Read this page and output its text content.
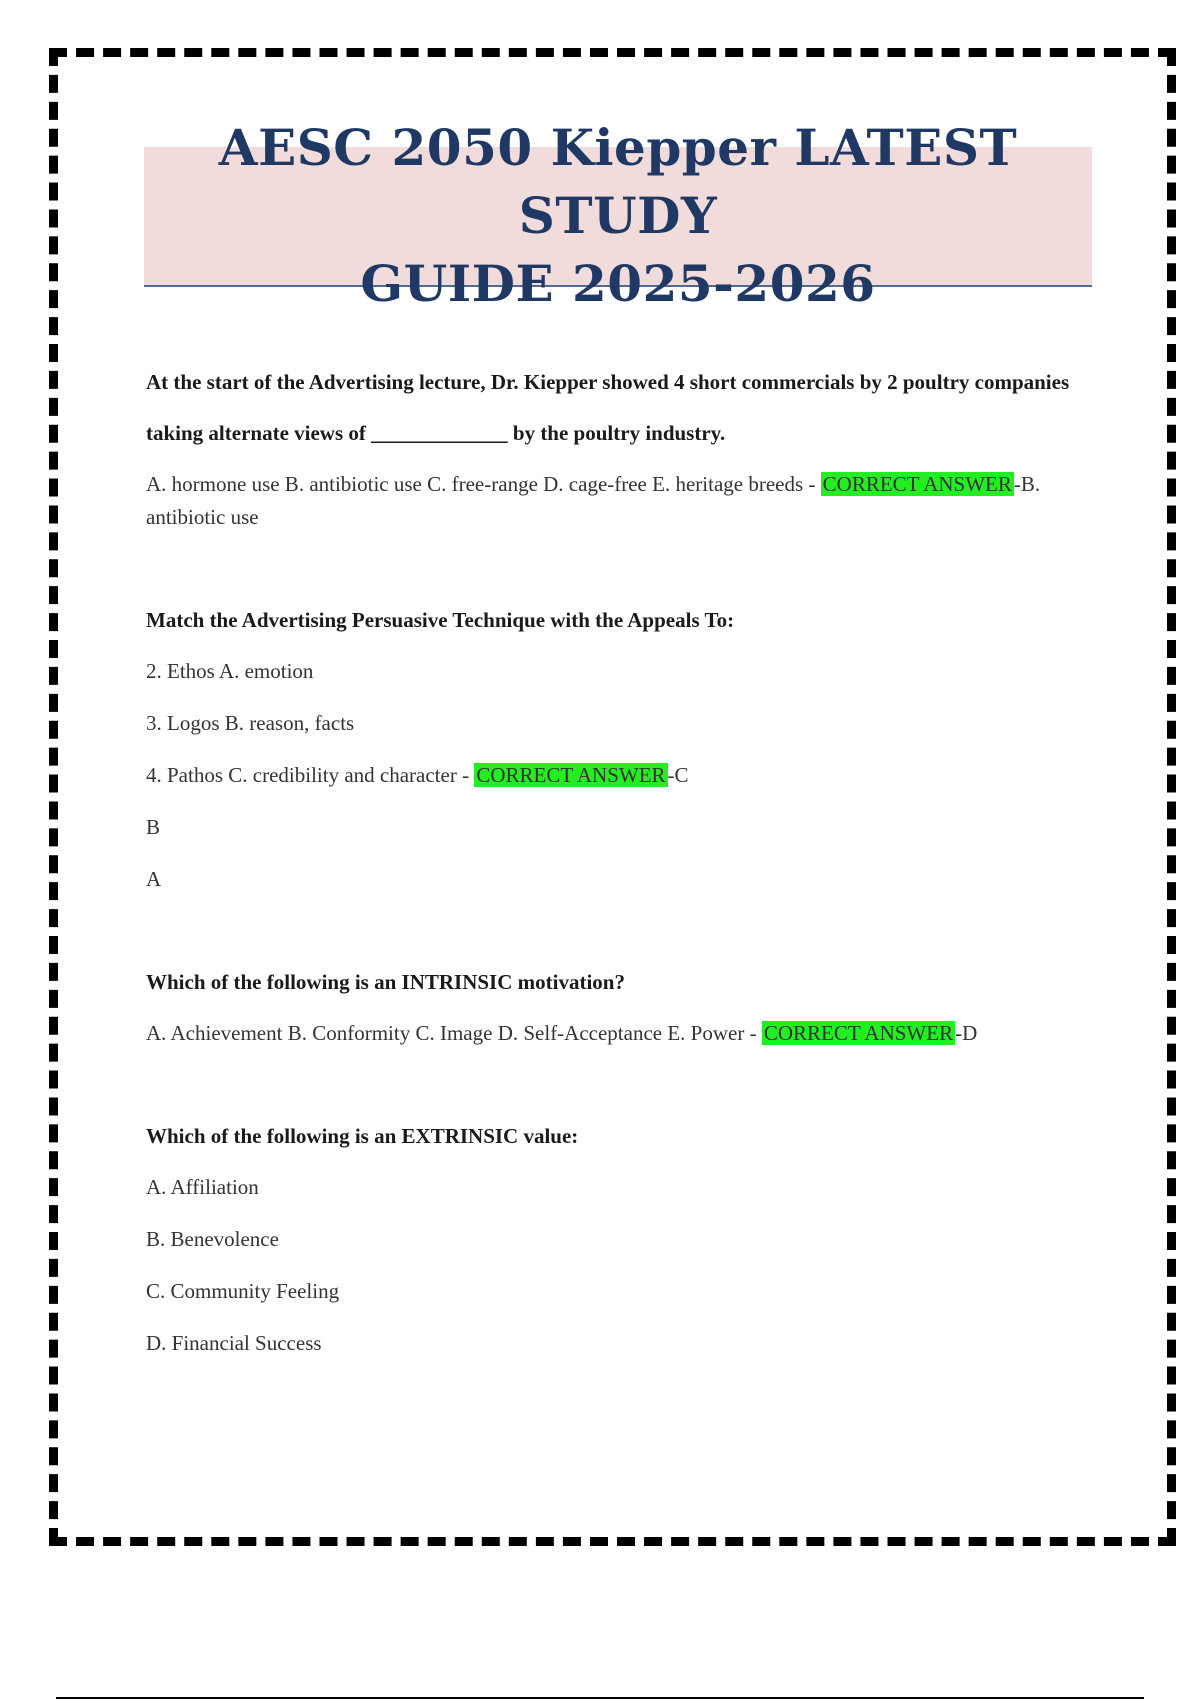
AESC 2050 Kiepper LATEST STUDY
GUIDE 2025-2026

At the start of the Advertising lecture, Dr. Kiepper showed 4 short commercials by 2 poultry companies

taking alternate views of _____________ by the poultry industry.

A. hormone use B. antibiotic use C. free-range D. cage-free E. heritage breeds - CORRECT ANSWER-B. antibiotic use

Match the Advertising Persuasive Technique with the Appeals To:

2. Ethos A. emotion

3. Logos B. reason, facts

4. Pathos C. credibility and character - CORRECT ANSWER-C

B

A

Which of the following is an INTRINSIC motivation?

A. Achievement B. Conformity C. Image D. Self-Acceptance E. Power - CORRECT ANSWER-D

Which of the following is an EXTRINSIC value:

A. Affiliation

B. Benevolence

C. Community Feeling

D. Financial Success
